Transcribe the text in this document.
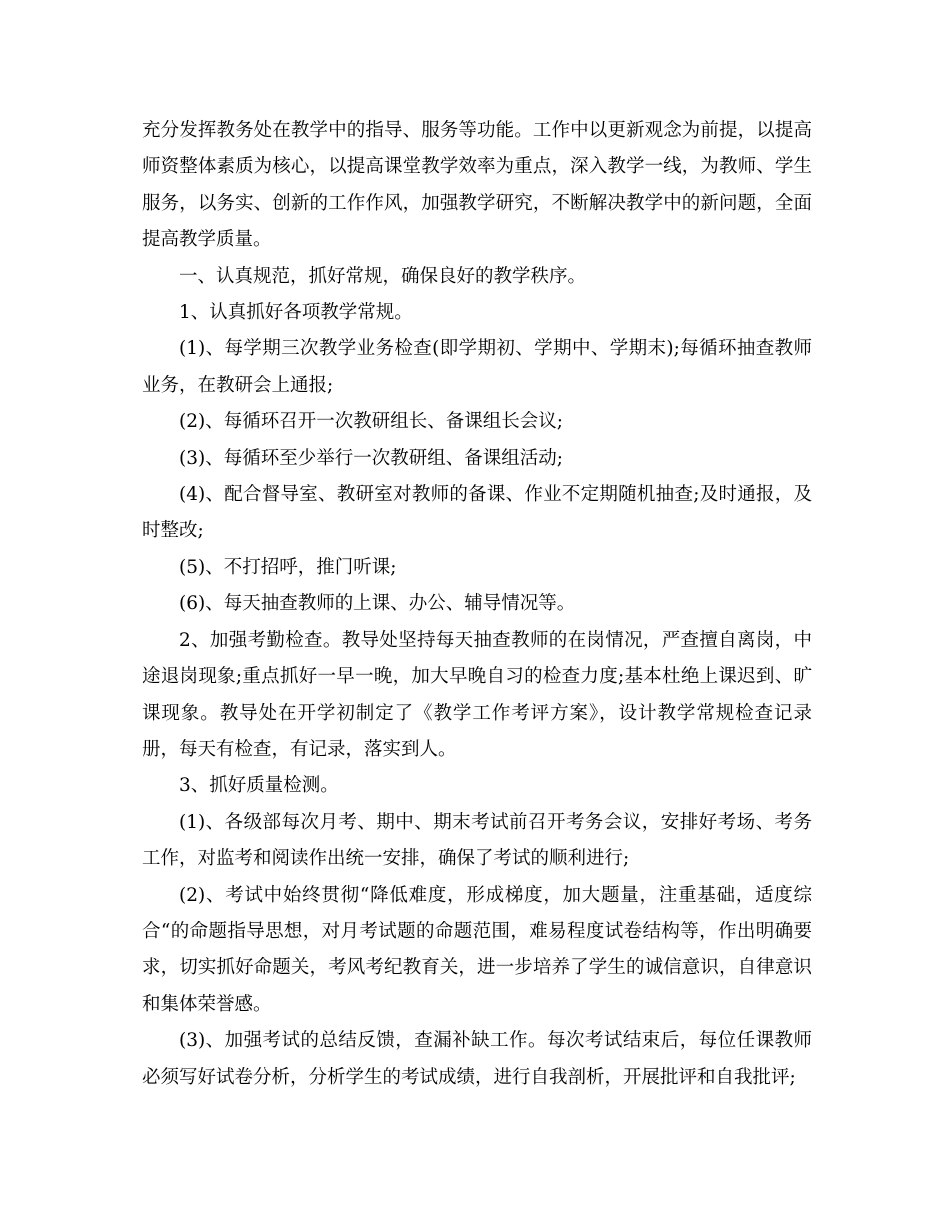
充分发挥教务处在教学中的指导、服务等功能。工作中以更新观念为前提，以提高师资整体素质为核心，以提高课堂教学效率为重点，深入教学一线，为教师、学生服务，以务实、创新的工作作风，加强教学研究，不断解决教学中的新问题，全面提高教学质量。

一、认真规范，抓好常规，确保良好的教学秩序。

1、认真抓好各项教学常规。

(1)、每学期三次教学业务检查(即学期初、学期中、学期末);每循环抽查教师业务，在教研会上通报;

(2)、每循环召开一次教研组长、备课组长会议;

(3)、每循环至少举行一次教研组、备课组活动;

(4)、配合督导室、教研室对教师的备课、作业不定期随机抽查;及时通报，及时整改;

(5)、不打招呼，推门听课;

(6)、每天抽查教师的上课、办公、辅导情况等。

2、加强考勤检查。教导处坚持每天抽查教师的在岗情况，严查擅自离岗，中途退岗现象;重点抓好一早一晚，加大早晚自习的检查力度;基本杜绝上课迟到、旷课现象。教导处在开学初制定了《教学工作考评方案》，设计教学常规检查记录册，每天有检查，有记录，落实到人。

3、抓好质量检测。

(1)、各级部每次月考、期中、期末考试前召开考务会议，安排好考场、考务工作，对监考和阅读作出统一安排，确保了考试的顺利进行;

(2)、考试中始终贯彻“降低难度，形成梯度，加大题量，注重基础，适度综合“的命题指导思想，对月考试题的命题范围，难易程度试卷结构等，作出明确要求，切实抓好命题关，考风考纪教育关，进一步培养了学生的诚信意识，自律意识和集体荣誉感。

(3)、加强考试的总结反馈，查漏补缺工作。每次考试结束后，每位任课教师必须写好试卷分析，分析学生的考试成绩，进行自我剖析，开展批评和自我批评;
